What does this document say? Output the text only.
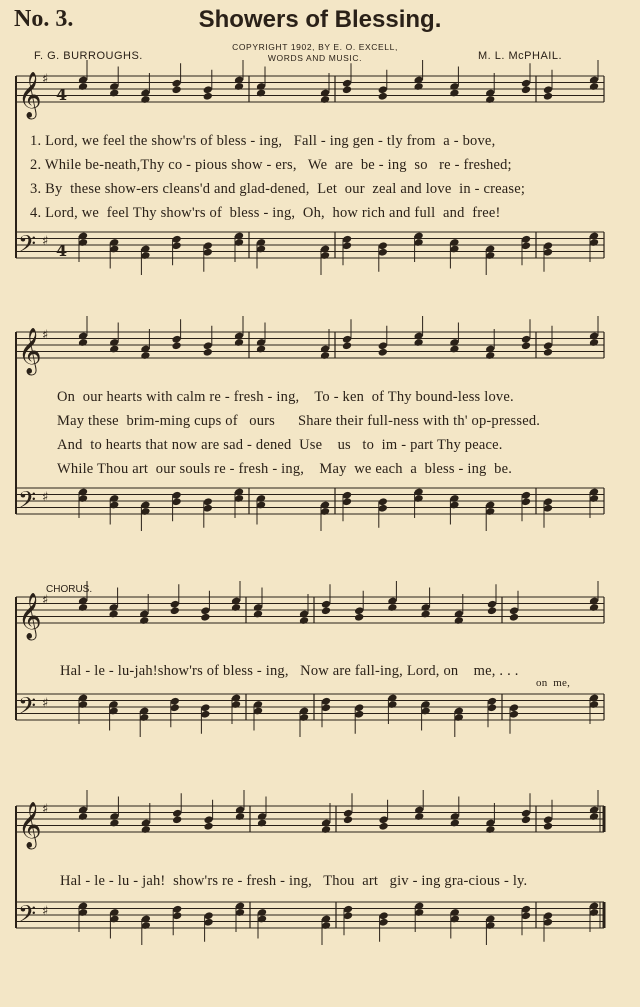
No. 3.	Showers of Blessing.
F. G. BURROUGHS.	M. L. McPHAIL.
COPYRIGHT 1902, BY E. O. EXCELL,
WORDS AND MUSIC.
𝄞 ♯
4
𝄢 ♯ 4
𝄞 ♯
𝄢 ♯
𝄞 ♯
𝄢 ♯
𝄞 ♯
𝄢 ♯
1. Lord, we feel the show'rs of bless - ing,   Fall - ing gen - tly from  a - bove,
2. While be-neath,Thy co - pious show - ers,   We  are  be - ing  so   re - freshed;
3. By  these show-ers cleans'd and glad-dened,  Let  our  zeal and love  in - crease;
4. Lord, we  feel Thy show'rs of  bless - ing,  Oh,  how rich and full  and  free!
On  our hearts with calm re - fresh - ing,    To - ken  of Thy bound-less love.
May these  brim-ming cups of   ours      Share their full-ness with th' op-pressed.
And  to hearts that now are sad - dened  Use    us   to  im - part Thy peace.
While Thou art  our souls re - fresh - ing,    May  we each  a  bless - ing  be.
CHORUS.
Hal - le - lu-jah!show'rs of bless - ing,   Now are fall-ing, Lord, on    me, . . .
on  me,
Hal - le - lu - jah!  show'rs re - fresh - ing,   Thou  art   giv - ing gra-cious - ly.
